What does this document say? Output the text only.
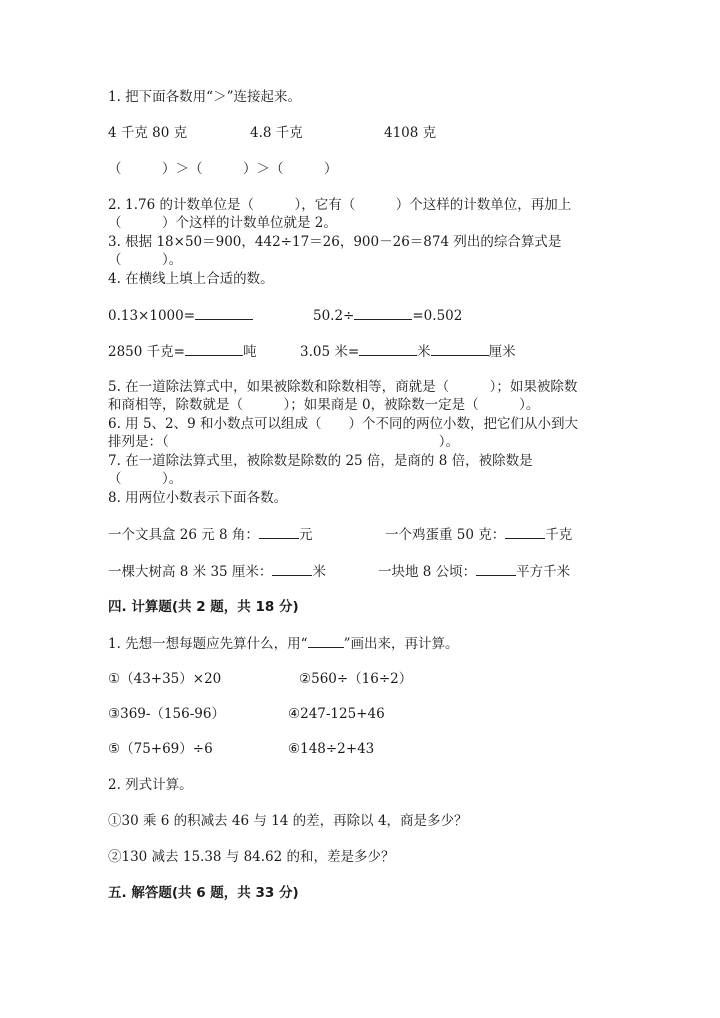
1. 把下面各数用“＞”连接起来。
4 千克 80 克	4.8 千克	4108 克
（　　　）＞（　　　）＞（　　　）
2. 1.76 的计数单位是（　　　），它有（　　　）个这样的计数单位，再加上
（　　　）个这样的计数单位就是 2。
3. 根据 18×50＝900，442÷17＝26，900－26＝874 列出的综合算式是
（　　　）。
4. 在横线上填上合适的数。
0.13×1000=	50.2÷	=0.502
2850 千克=	吨	3.05 米=	米	厘米
5. 在一道除法算式中，如果被除数和除数相等，商就是（　　　）；如果被除数
和商相等，除数就是（　　　）；如果商是 0，被除数一定是（　　　）。
6. 用 5、2、9 和小数点可以组成（　　）个不同的两位小数，把它们从小到大
排列是：（　　　　　　　　　　　　　　　　　　　　）。
7. 在一道除法算式里，被除数是除数的 25 倍，是商的 8 倍，被除数是
（　　　）。
8. 用两位小数表示下面各数。
一个文具盒 26 元 8 角：	元	一个鸡蛋重 50 克：	千克
一棵大树高 8 米 35 厘米：	米	一块地 8 公顷：	平方千米
四. 计算题(共 2 题，共 18 分)
1. 先想一想每题应先算什么，用“	”画出来，再计算。
①（43+35）×20	②560÷（16÷2）
③369-（156-96）	④247-125+46
⑤（75+69）÷6	⑥148÷2+43
2. 列式计算。
①30 乘 6 的积减去 46 与 14 的差，再除以 4，商是多少？
②130 减去 15.38 与 84.62 的和，差是多少？
五. 解答题(共 6 题，共 33 分)
